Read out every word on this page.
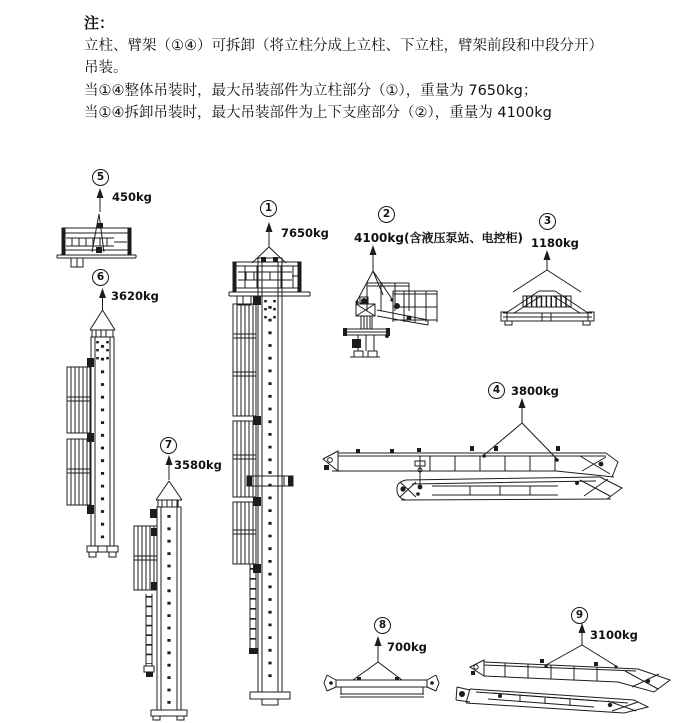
注：
立柱、臂架（①④）可拆卸（将立柱分成上立柱、下立柱，臂架前段和中段分开）
吊装。
当①④整体吊装时，最大吊装部件为立柱部分（①），重量为 7650kg；
当①④拆卸吊装时，最大吊装部件为上下支座部分（②），重量为 4100kg
1	2
3
4
5
6
7
8
9
7650kg 4100kg(含液压泵站、电控柜) 1180kg
3800kg
450kg
3620kg
3580kg
700kg
3100kg
